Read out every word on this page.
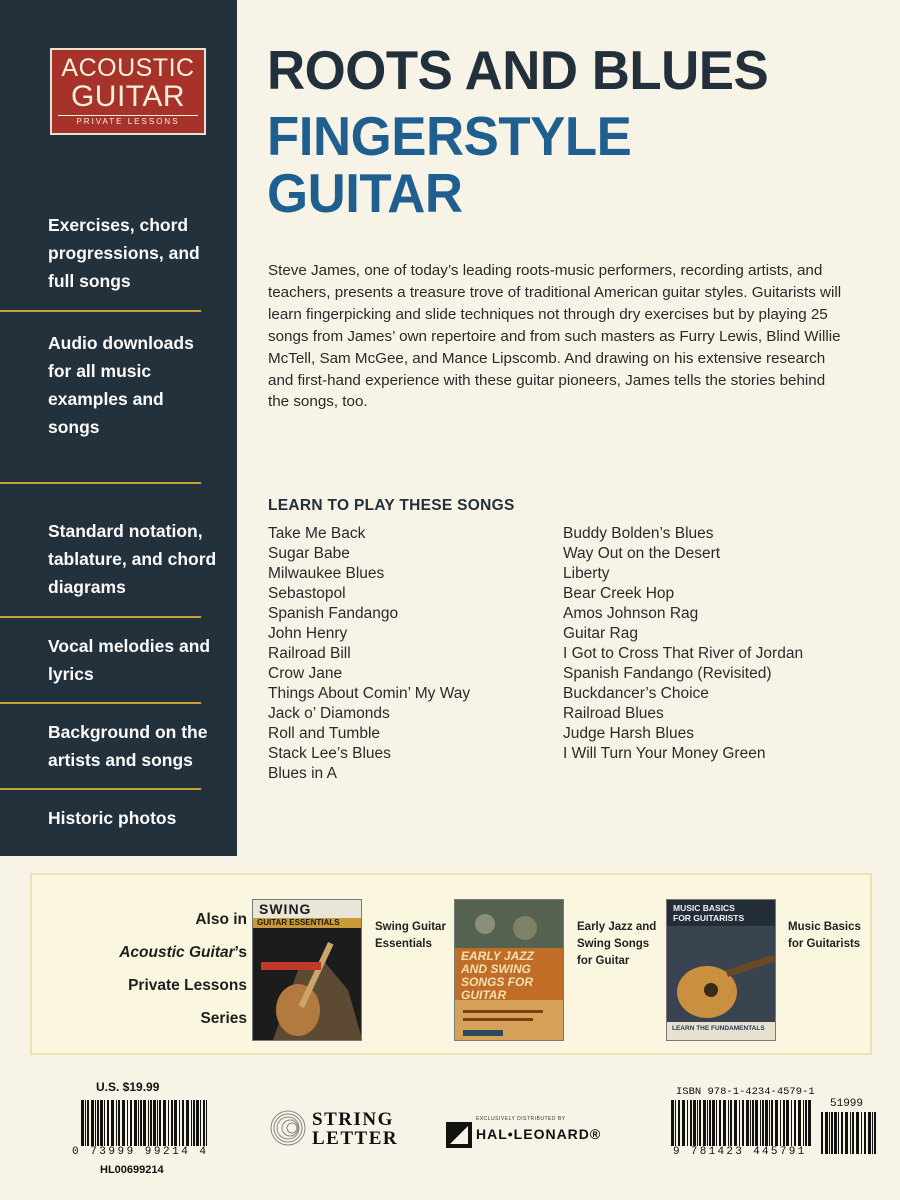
ACOUSTIC
GUITAR
PRIVATE LESSONS
Exercises, chord progressions, and full songs
Audio downloads for all music examples and songs
Standard notation, tablature, and chord diagrams
Vocal melodies and lyrics
Background on the artists and songs
Historic photos
ROOTS AND BLUES
FINGERSTYLE
GUITAR
Steve James, one of today’s leading roots-music performers, recording artists, and teachers, presents a treasure trove of traditional American guitar styles. Guitarists will learn fingerpicking and slide techniques not through dry exercises but by playing 25 songs from James’ own repertoire and from such masters as Furry Lewis, Blind Willie McTell, Sam McGee, and Mance Lipscomb. And drawing on his extensive research and first-hand experience with these guitar pioneers, James tells the stories behind the songs, too.
LEARN TO PLAY THESE SONGS
Take Me Back
Sugar Babe
Milwaukee Blues
Sebastopol
Spanish Fandango
John Henry
Railroad Bill
Crow Jane
Things About Comin’ My Way
Jack o’ Diamonds
Roll and Tumble
Stack Lee’s Blues
Blues in A
Buddy Bolden’s Blues
Way Out on the Desert
Liberty
Bear Creek Hop
Amos Johnson Rag
Guitar Rag
I Got to Cross That River of Jordan
Spanish Fandango (Revisited)
Buckdancer’s Choice
Railroad Blues
Judge Harsh Blues
I Will Turn Your Money Green
Also in
Acoustic Guitar’s
Private Lessons
Series
SWING
GUITAR ESSENTIALS	Swing Guitar Essentials
EARLY JAZZ
AND SWING
SONGS FOR
GUITAR
Early Jazz and Swing Songs for Guitar
MUSIC BASICS
FOR GUITARISTS
LEARN THE FUNDAMENTALS
Music Basics for Guitarists
U.S. $19.99
0 73999 99214 4
HL00699214
STRING
LETTER
EXCLUSIVELY DISTRIBUTED BY
HAL•LEONARD®
ISBN 978-1-4234-4579-1
9 781423 445791
51999
